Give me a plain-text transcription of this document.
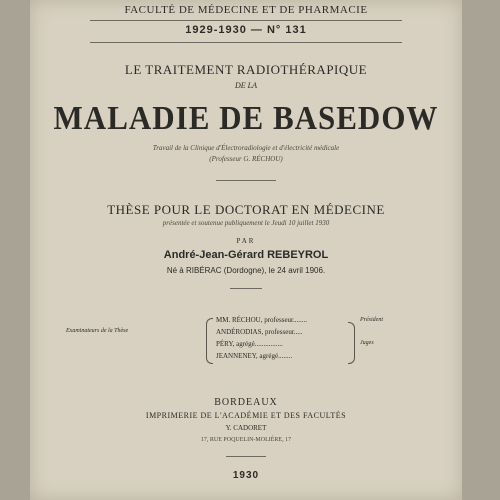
FACULTÉ DE MÉDECINE ET DE PHARMACIE
1929-1930 — N° 131
LE TRAITEMENT RADIOTHÉRAPIQUE
DE LA
MALADIE DE BASEDOW
Travail de la Clinique d'Électroradiologie et d'électricité médicale
(Professeur G. RÉCHOU)
THÈSE POUR LE DOCTORAT EN MÉDECINE
présentée et soutenue publiquement le Jeudi 10 juillet 1930
PAR
André-Jean-Gérard REBEYROL
Né à RIBÉRAC (Dordogne), le 24 avril 1906.
Examinateurs de la Thèse
MM. RÉCHOU, professeur........
ANDÉRODIAS, professeur.....
PÉRY, agrégé................
JEANNENEY, agrégé........
Président
Juges
BORDEAUX
IMPRIMERIE DE L'ACADÉMIE ET DES FACULTÉS
Y. CADORET
17, RUE POQUELIN-MOLIÈRE, 17
1930
